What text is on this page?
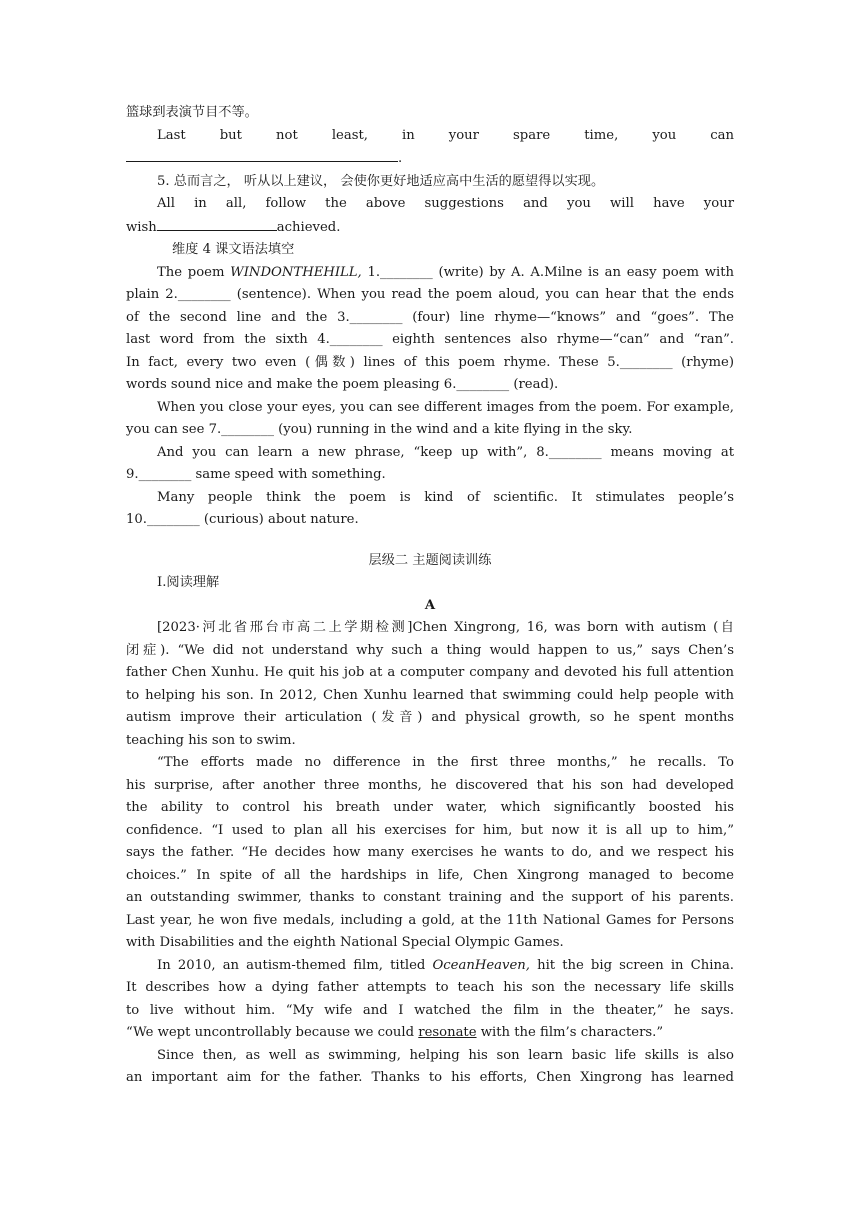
篮球到表演节目不等。

Last but not least, in your spare time, you can

.

5. 总而言之， 听从以上建议， 会使你更好地适应高中生活的愿望得以实现。

All in all, follow the above suggestions and you will have your

wish	achieved.

维度 4 课文语法填空

The poem WINDONTHEHILL, 1.________ (write) by A. A.Milne is an easy poem with

plain 2.________ (sentence). When you read the poem aloud, you can hear that the ends

of the second line and the 3.________ (four) line rhyme—“knows” and “goes”. The

last word from the sixth 4.________ eighth sentences also rhyme—“can” and “ran”.

In fact, every two even (偶数) lines of this poem rhyme. These 5.________ (rhyme)

words sound nice and make the poem pleasing 6.________ (read).

When you close your eyes, you can see different images from the poem. For example,

you can see 7.________ (you) running in the wind and a kite flying in the sky.

And you can learn a new phrase, “keep up with”, 8.________ means moving at

9.________ same speed with something.

Many people think the poem is kind of scientific. It stimulates people’s

10.________ (curious) about nature.

层级二 主题阅读训练

Ⅰ.阅读理解

A

[2023·河北省邢台市高二上学期检测]Chen Xingrong, 16, was born with autism (自

闭症). “We did not understand why such a thing would happen to us,” says Chen’s

father Chen Xunhu. He quit his job at a computer company and devoted his full attention

to helping his son. In 2012, Chen Xunhu learned that swimming could help people with

autism improve their articulation (发音) and physical growth, so he spent months

teaching his son to swim.

“The efforts made no difference in the first three months,” he recalls. To

his surprise, after another three months, he discovered that his son had developed

the ability to control his breath under water, which significantly boosted his

confidence. “I used to plan all his exercises for him, but now it is all up to him,”

says the father. “He decides how many exercises he wants to do, and we respect his

choices.” In spite of all the hardships in life, Chen Xingrong managed to become

an outstanding swimmer, thanks to constant training and the support of his parents.

Last year, he won five medals, including a gold, at the 11th National Games for Persons

with Disabilities and the eighth National Special Olympic Games.

In 2010, an autism-themed film, titled OceanHeaven, hit the big screen in China.

It describes how a dying father attempts to teach his son the necessary life skills

to live without him. “My wife and I watched the film in the theater,” he says.

“We wept uncontrollably because we could resonate with the film’s characters.”

Since then, as well as swimming, helping his son learn basic life skills is also

an important aim for the father. Thanks to his efforts, Chen Xingrong has learned
